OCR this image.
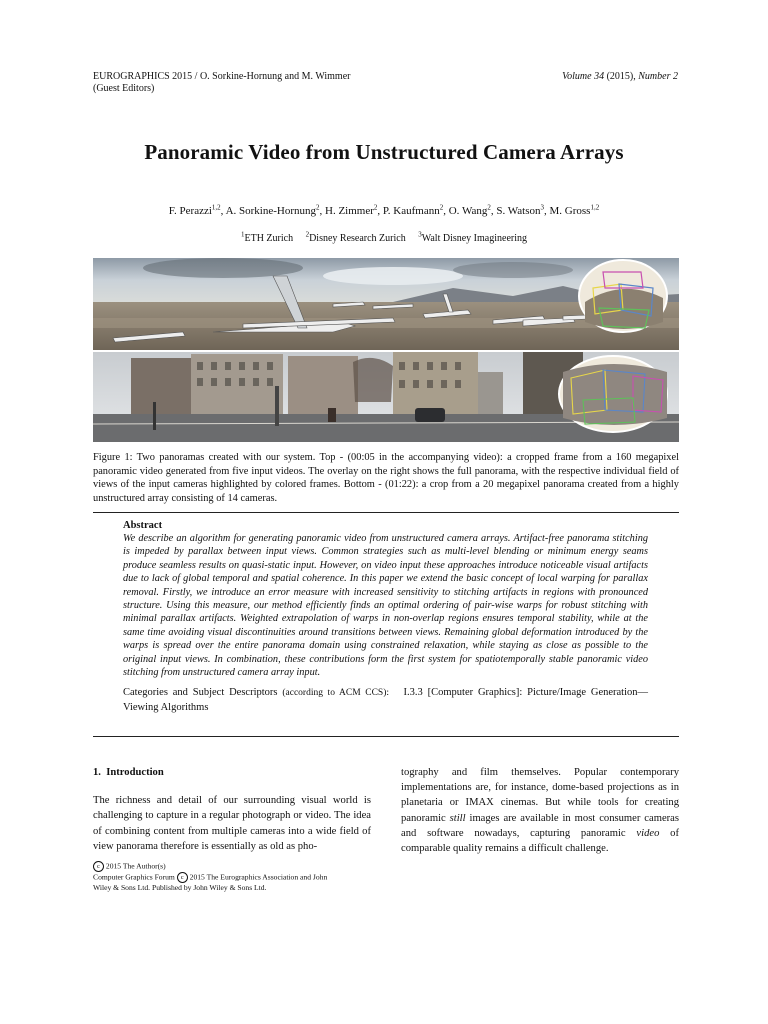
EUROGRAPHICS 2015 / O. Sorkine-Hornung and M. Wimmer
(Guest Editors)
Volume 34 (2015), Number 2
Panoramic Video from Unstructured Camera Arrays
F. Perazzi$^{1,2}$, A. Sorkine-Hornung$^2$, H. Zimmer$^2$, P. Kaufmann$^2$, O. Wang$^2$, S. Watson$^3$, M. Gross$^{1,2}$
$^1$ETH Zurich $^2$Disney Research Zurich $^3$Walt Disney Imagineering
Figure 1: Two panoramas created with our system. Top - (00:05 in the accompanying video): a cropped frame from a 160 megapixel panoramic video generated from five input videos. The overlay on the right shows the full panorama, with the respective individual field of views of the input cameras highlighted by colored frames. Bottom - (01:22): a crop from a 20 megapixel panorama created from a highly unstructured array consisting of 14 cameras.
Abstract
We describe an algorithm for generating panoramic video from unstructured camera arrays. Artifact-free panorama stitching is impeded by parallax between input views. Common strategies such as multi-level blending or minimum energy seams produce seamless results on quasi-static input. However, on video input these approaches introduce noticeable visual artifacts due to lack of global temporal and spatial coherence. In this paper we extend the basic concept of local warping for parallax removal. Firstly, we introduce an error measure with increased sensitivity to stitching artifacts in regions with pronounced structure. Using this measure, our method efficiently finds an optimal ordering of pair-wise warps for robust stitching with minimal parallax artifacts. Weighted extrapolation of warps in non-overlap regions ensures temporal stability, while at the same time avoiding visual discontinuities around transitions between views. Remaining global deformation introduced by the warps is spread over the entire panorama domain using constrained relaxation, while staying as close as possible to the original input views. In combination, these contributions form the first system for spatiotemporally stable panoramic video stitching from unstructured camera array input.
Categories and Subject Descriptors (according to ACM CCS): I.3.3 [Computer Graphics]: Picture/Image Generation—Viewing Algorithms
1. Introduction
The richness and detail of our surrounding visual world is challenging to capture in a regular photograph or video. The idea of combining content from multiple cameras into a wide field of view panorama therefore is essentially as old as pho-
tography and film themselves. Popular contemporary implementations are, for instance, dome-based projections as in planetaria or IMAX cinemas. But while tools for creating panoramic still images are available in most consumer cameras and software nowadays, capturing panoramic video of comparable quality remains a difficult challenge.
c 2015 The Author(s)
Computer Graphics Forum c 2015 The Eurographics Association and John
Wiley & Sons Ltd. Published by John Wiley & Sons Ltd.
